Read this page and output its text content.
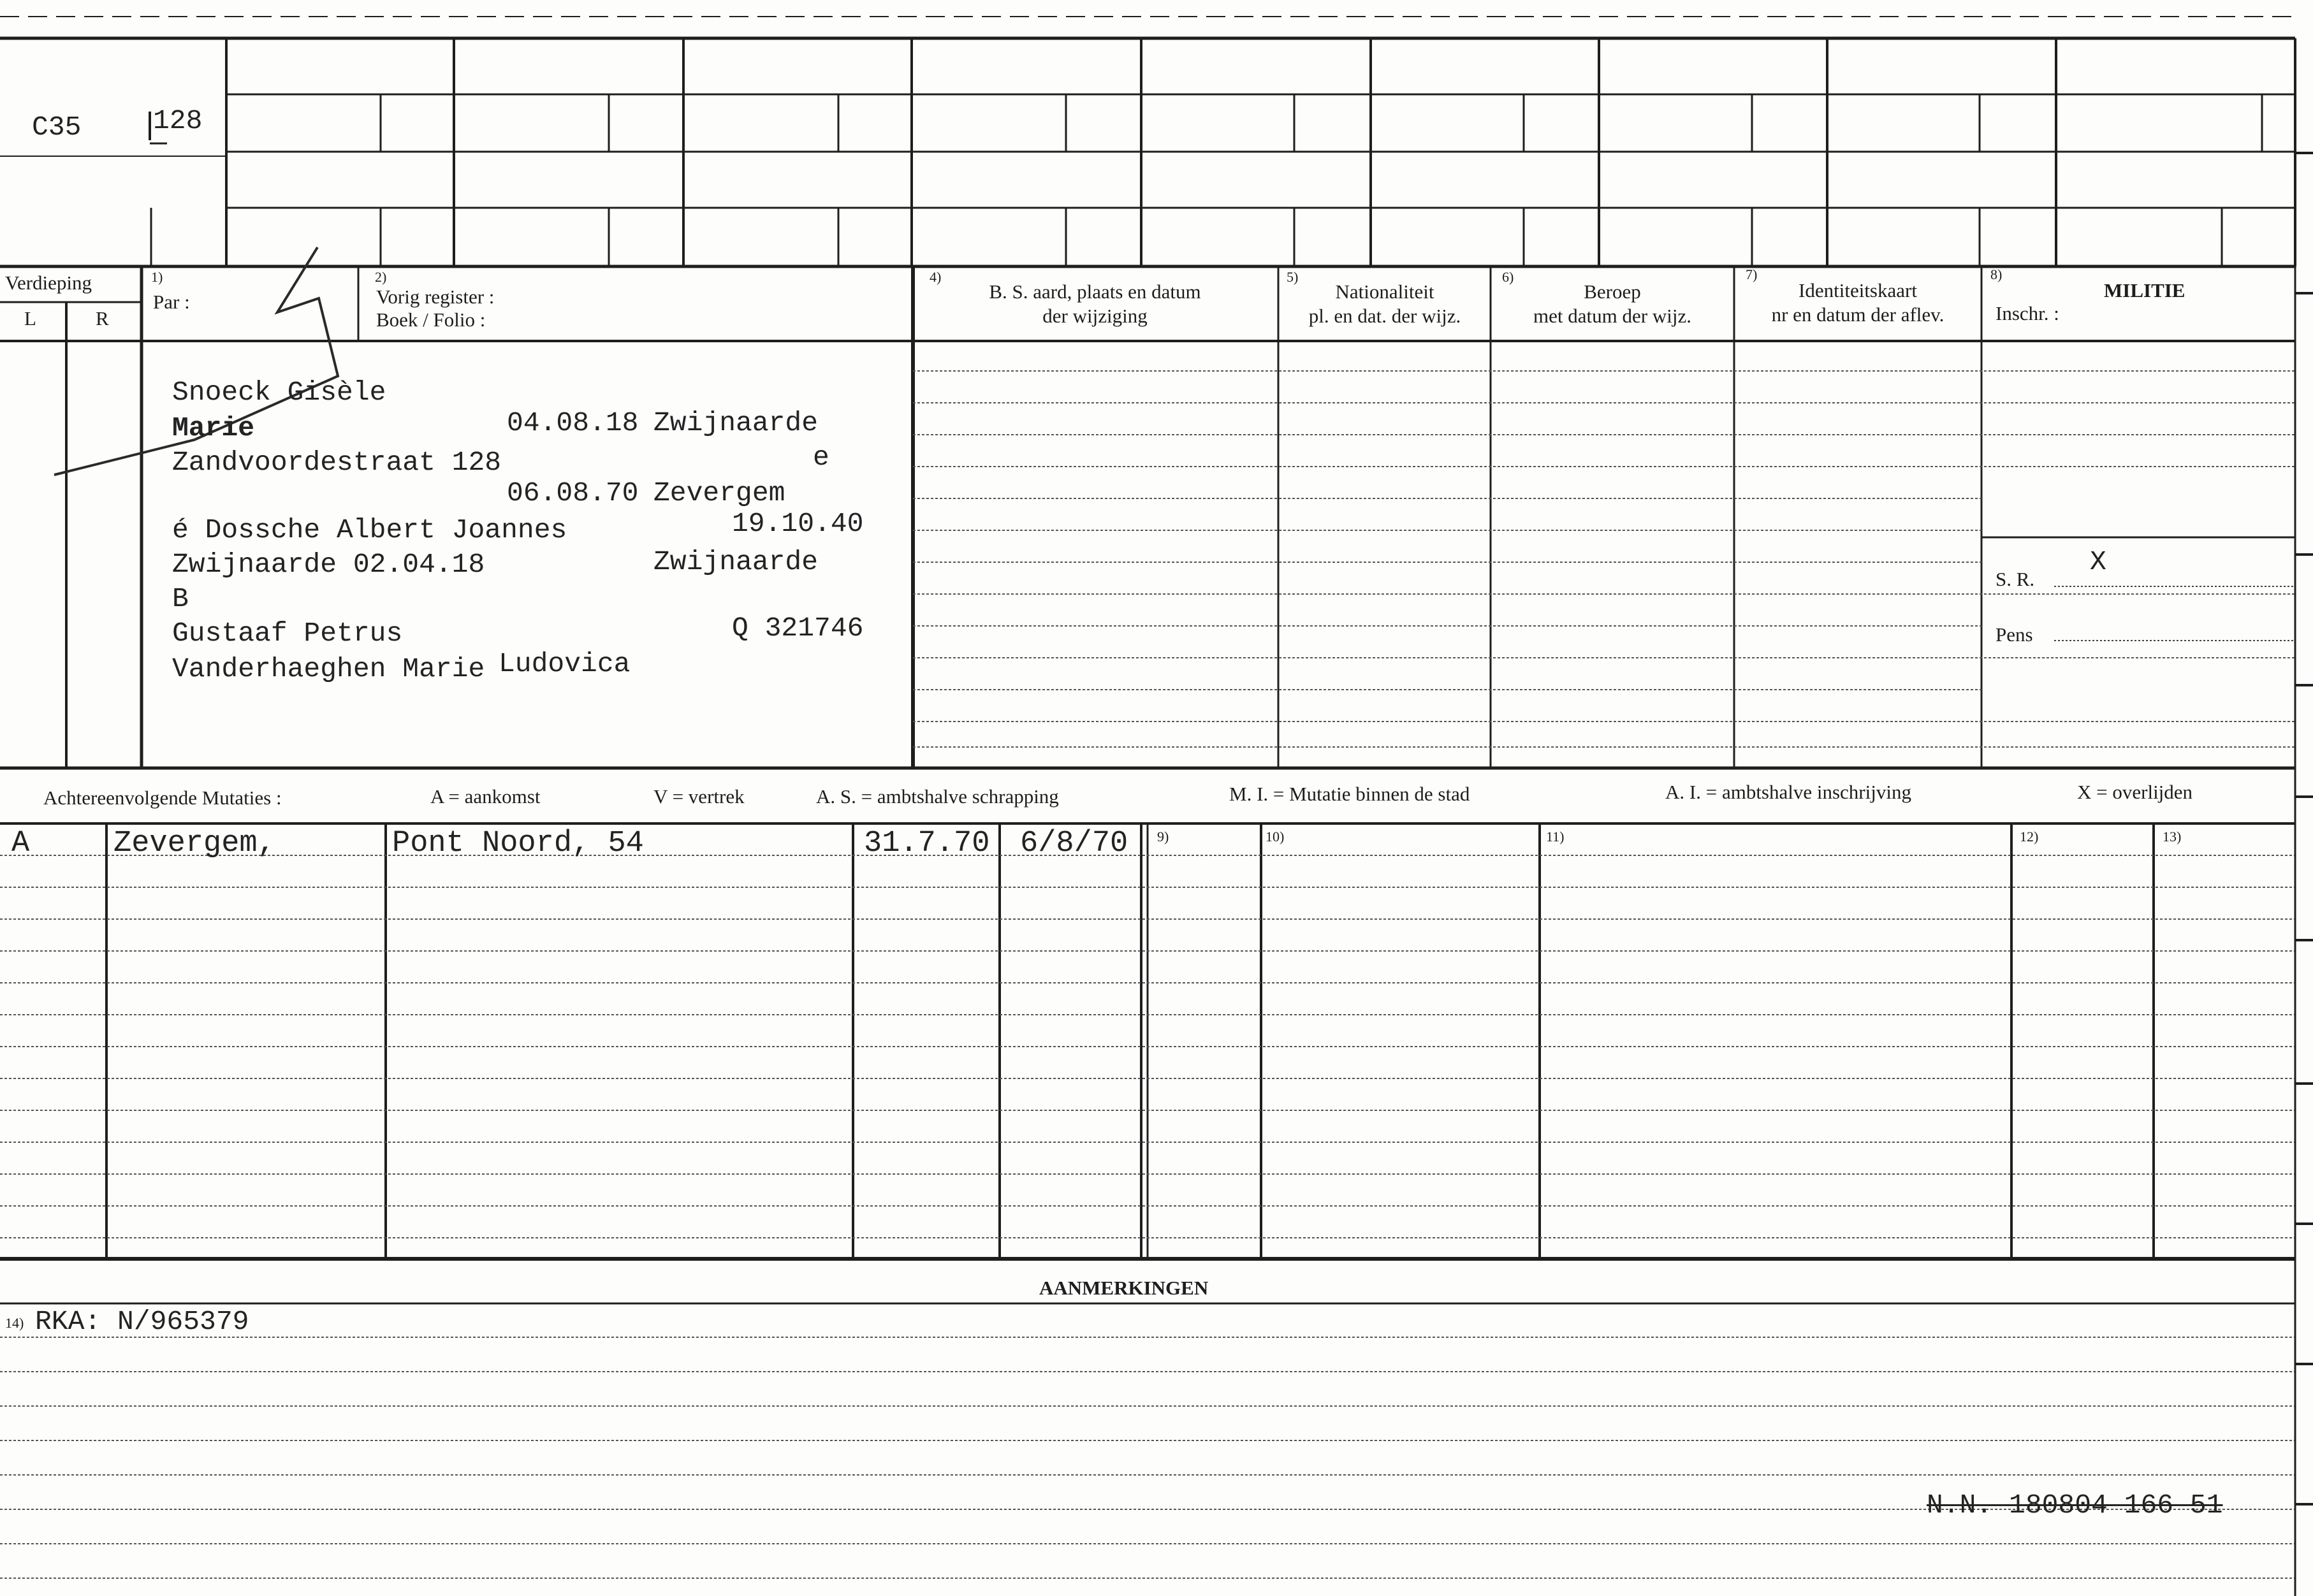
C35	128
Verdieping
L	R
1)
Par :
2)
Vorig register :
Boek / Folio :
4)
B. S. aard, plaats en datum
der wijziging
5)
Nationaliteit
pl. en dat. der wijz.
6)
Beroep
met datum der wijz.
7)
Identiteitskaart
nr en datum der aflev.
8)
MILITIE
Inschr. :
S. R.
X
Pens
Snoeck Gisèle
Marie	04.08.18 Zwijnaarde
Zandvoordestraat 128	e
06.08.70 Zevergem
é Dossche Albert Joannes	19.10.40
Zwijnaarde 02.04.18	Zwijnaarde
B
Gustaaf Petrus	Q 321746
Vanderhaeghen Marie Ludovica
Achtereenvolgende Mutaties :	A = aankomst	V = vertrek	A. S. = ambtshalve schrapping	M. I. = Mutatie binnen de stad	A. I. = ambtshalve inschrijving	X = overlijden
9)	10)	11)	12)	13)
A	Zevergem,	Pont Noord, 54	31.7.70 6/8/70
AANMERKINGEN
14) RKA: N/965379
N.N. 180804 166 51
